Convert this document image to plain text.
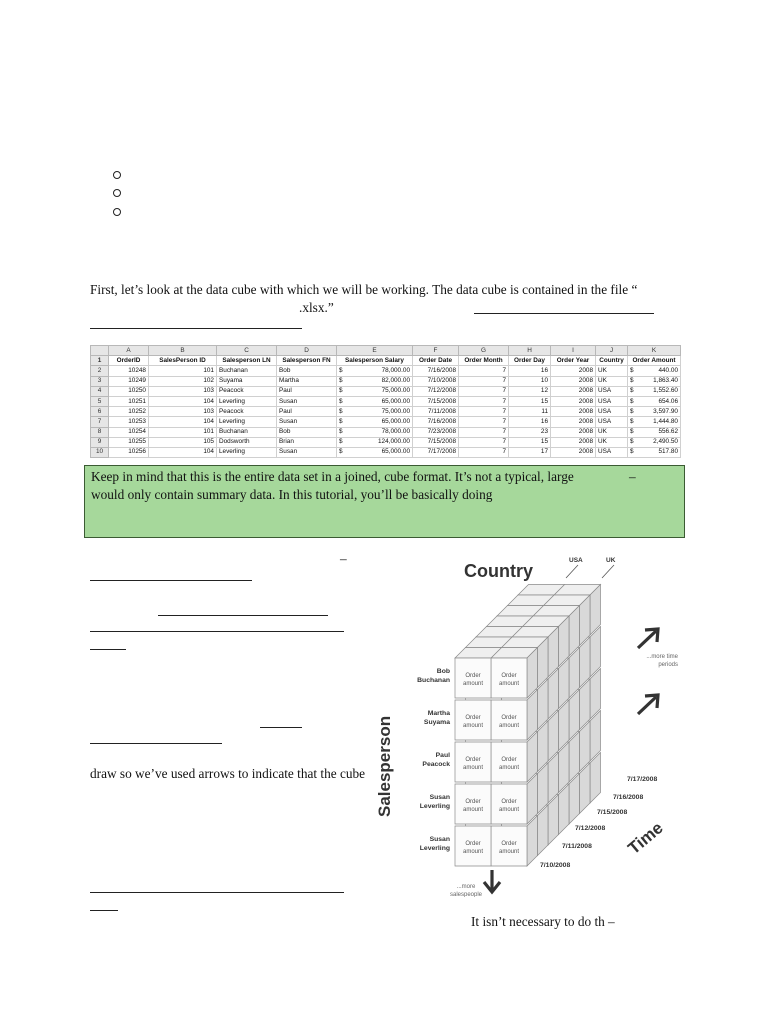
First, let’s look at the data cube with which we will be working. The data cube is contained in the file “
.xlsx.”
	A	B	C	D	E	F	G	H	I	J	K
1	OrderID	SalesPerson ID	Salesperson LN	Salesperson FN	Salesperson Salary	Order Date	Order Month	Order Day	Order Year	Country	Order Amount
2	10248	101	Buchanan	Bob	$ 78,000.00	7/16/2008	7	16	2008	UK	$ 440.00
3	10249	102	Suyama	Martha	$ 82,000.00	7/10/2008	7	10	2008	UK	$ 1,863.40
4	10250	103	Peacock	Paul	$ 75,000.00	7/12/2008	7	12	2008	USA	$ 1,552.60
5	10251	104	Leverling	Susan	$ 65,000.00	7/15/2008	7	15	2008	USA	$ 654.06
6	10252	103	Peacock	Paul	$ 75,000.00	7/11/2008	7	11	2008	USA	$ 3,597.90
7	10253	104	Leverling	Susan	$ 65,000.00	7/16/2008	7	16	2008	USA	$ 1,444.80
8	10254	101	Buchanan	Bob	$ 78,000.00	7/23/2008	7	23	2008	UK	$ 556.62
9	10255	105	Dodsworth	Brian	$ 124,000.00	7/15/2008	7	15	2008	UK	$ 2,490.50
10	10256	104	Leverling	Susan	$ 65,000.00	7/17/2008	7	17	2008	USA	$ 517.80
Keep in mind that this is the entire data set in a joined, cube format. It’s not a typical, large	–
would only contain summary data. In this tutorial, you’ll be basically doing
–
draw so we’ve used arrows to indicate that the cube
Order
amount
Order
amount
Order
amount
Order
amount
Order
amount
Order
amount
Order
amount
Order
amount
Order
amount
Order
amount
Country
USA	UK
Salesperson
Time
...more time
periods
...more
salespeople
Bob
Buchanan
Martha
Suyama
Paul
Peacock
Susan
Leverling
Susan
Leverling
7/17/2008
7/16/2008
7/15/2008
7/12/2008
7/11/2008
7/10/2008
It isn’t necessary to do th –
